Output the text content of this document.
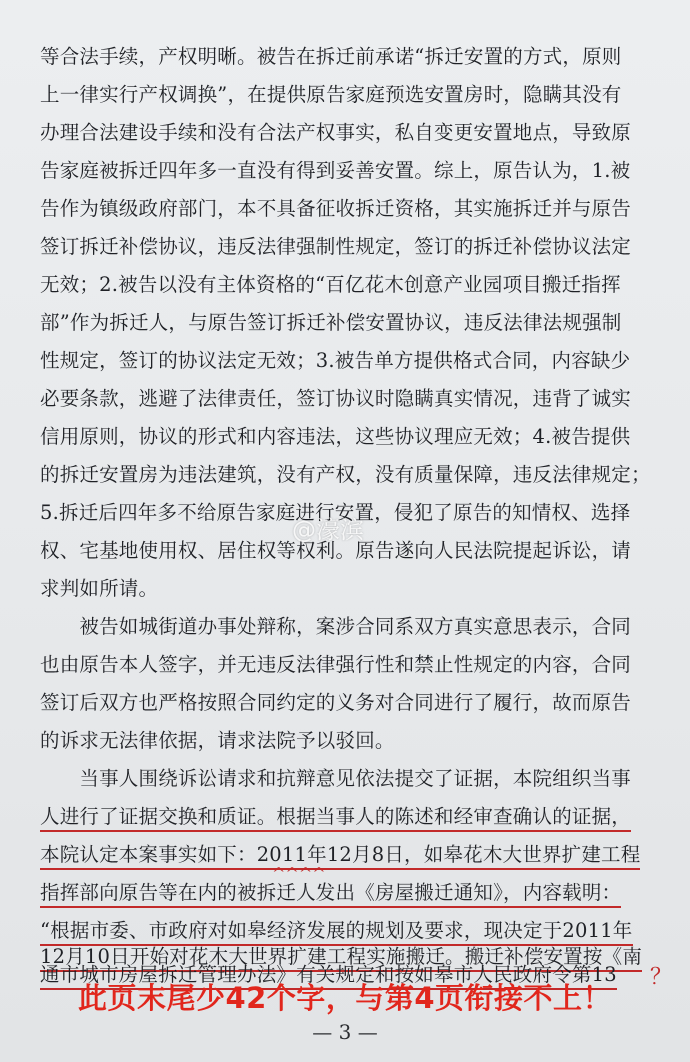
等合法手续，产权明晰。被告在拆迁前承诺“拆迁安置的方式，原则
上一律实行产权调换”，在提供原告家庭预选安置房时，隐瞒其没有
办理合法建设手续和没有合法产权事实，私自变更安置地点，导致原
告家庭被拆迁四年多一直没有得到妥善安置。综上，原告认为，1.被
告作为镇级政府部门，本不具备征收拆迁资格，其实施拆迁并与原告
签订拆迁补偿协议，违反法律强制性规定，签订的拆迁补偿协议法定
无效；2.被告以没有主体资格的“百亿花木创意产业园项目搬迁指挥
部”作为拆迁人，与原告签订拆迁补偿安置协议，违反法律法规强制
性规定，签订的协议法定无效；3.被告单方提供格式合同，内容缺少
必要条款，逃避了法律责任，签订协议时隐瞒真实情况，违背了诚实
信用原则，协议的形式和内容违法，这些协议理应无效；4.被告提供
的拆迁安置房为违法建筑，没有产权，没有质量保障，违反法律规定；
5.拆迁后四年多不给原告家庭进行安置，侵犯了原告的知情权、选择
权、宅基地使用权、居住权等权利。原告遂向人民法院提起诉讼，请
求判如所请。
　　被告如城街道办事处辩称，案涉合同系双方真实意思表示，合同
也由原告本人签字，并无违反法律强行性和禁止性规定的内容，合同
签订后双方也严格按照合同约定的义务对合同进行了履行，故而原告
的诉求无法律依据，请求法院予以驳回。
　　当事人围绕诉讼请求和抗辩意见依法提交了证据，本院组织当事
人进行了证据交换和质证。根据当事人的陈述和经审查确认的证据，
本院认定本案事实如下：2011年12月8日，如皋花木大世界扩建工程
指挥部向原告等在内的被拆迁人发出《房屋搬迁通知》，内容载明：
“根据市委、市政府对如皋经济发展的规划及要求，现决定于2011年
12月10日开始对花木大世界扩建工程实施搬迁。搬迁补偿安置按《南
通市城市房屋拆迁管理办法》有关规定和按如皋市人民政府令第13
^^^^
？
@濠滨
此页末尾少42个字，与第4页衔接不上！
— 3 —
